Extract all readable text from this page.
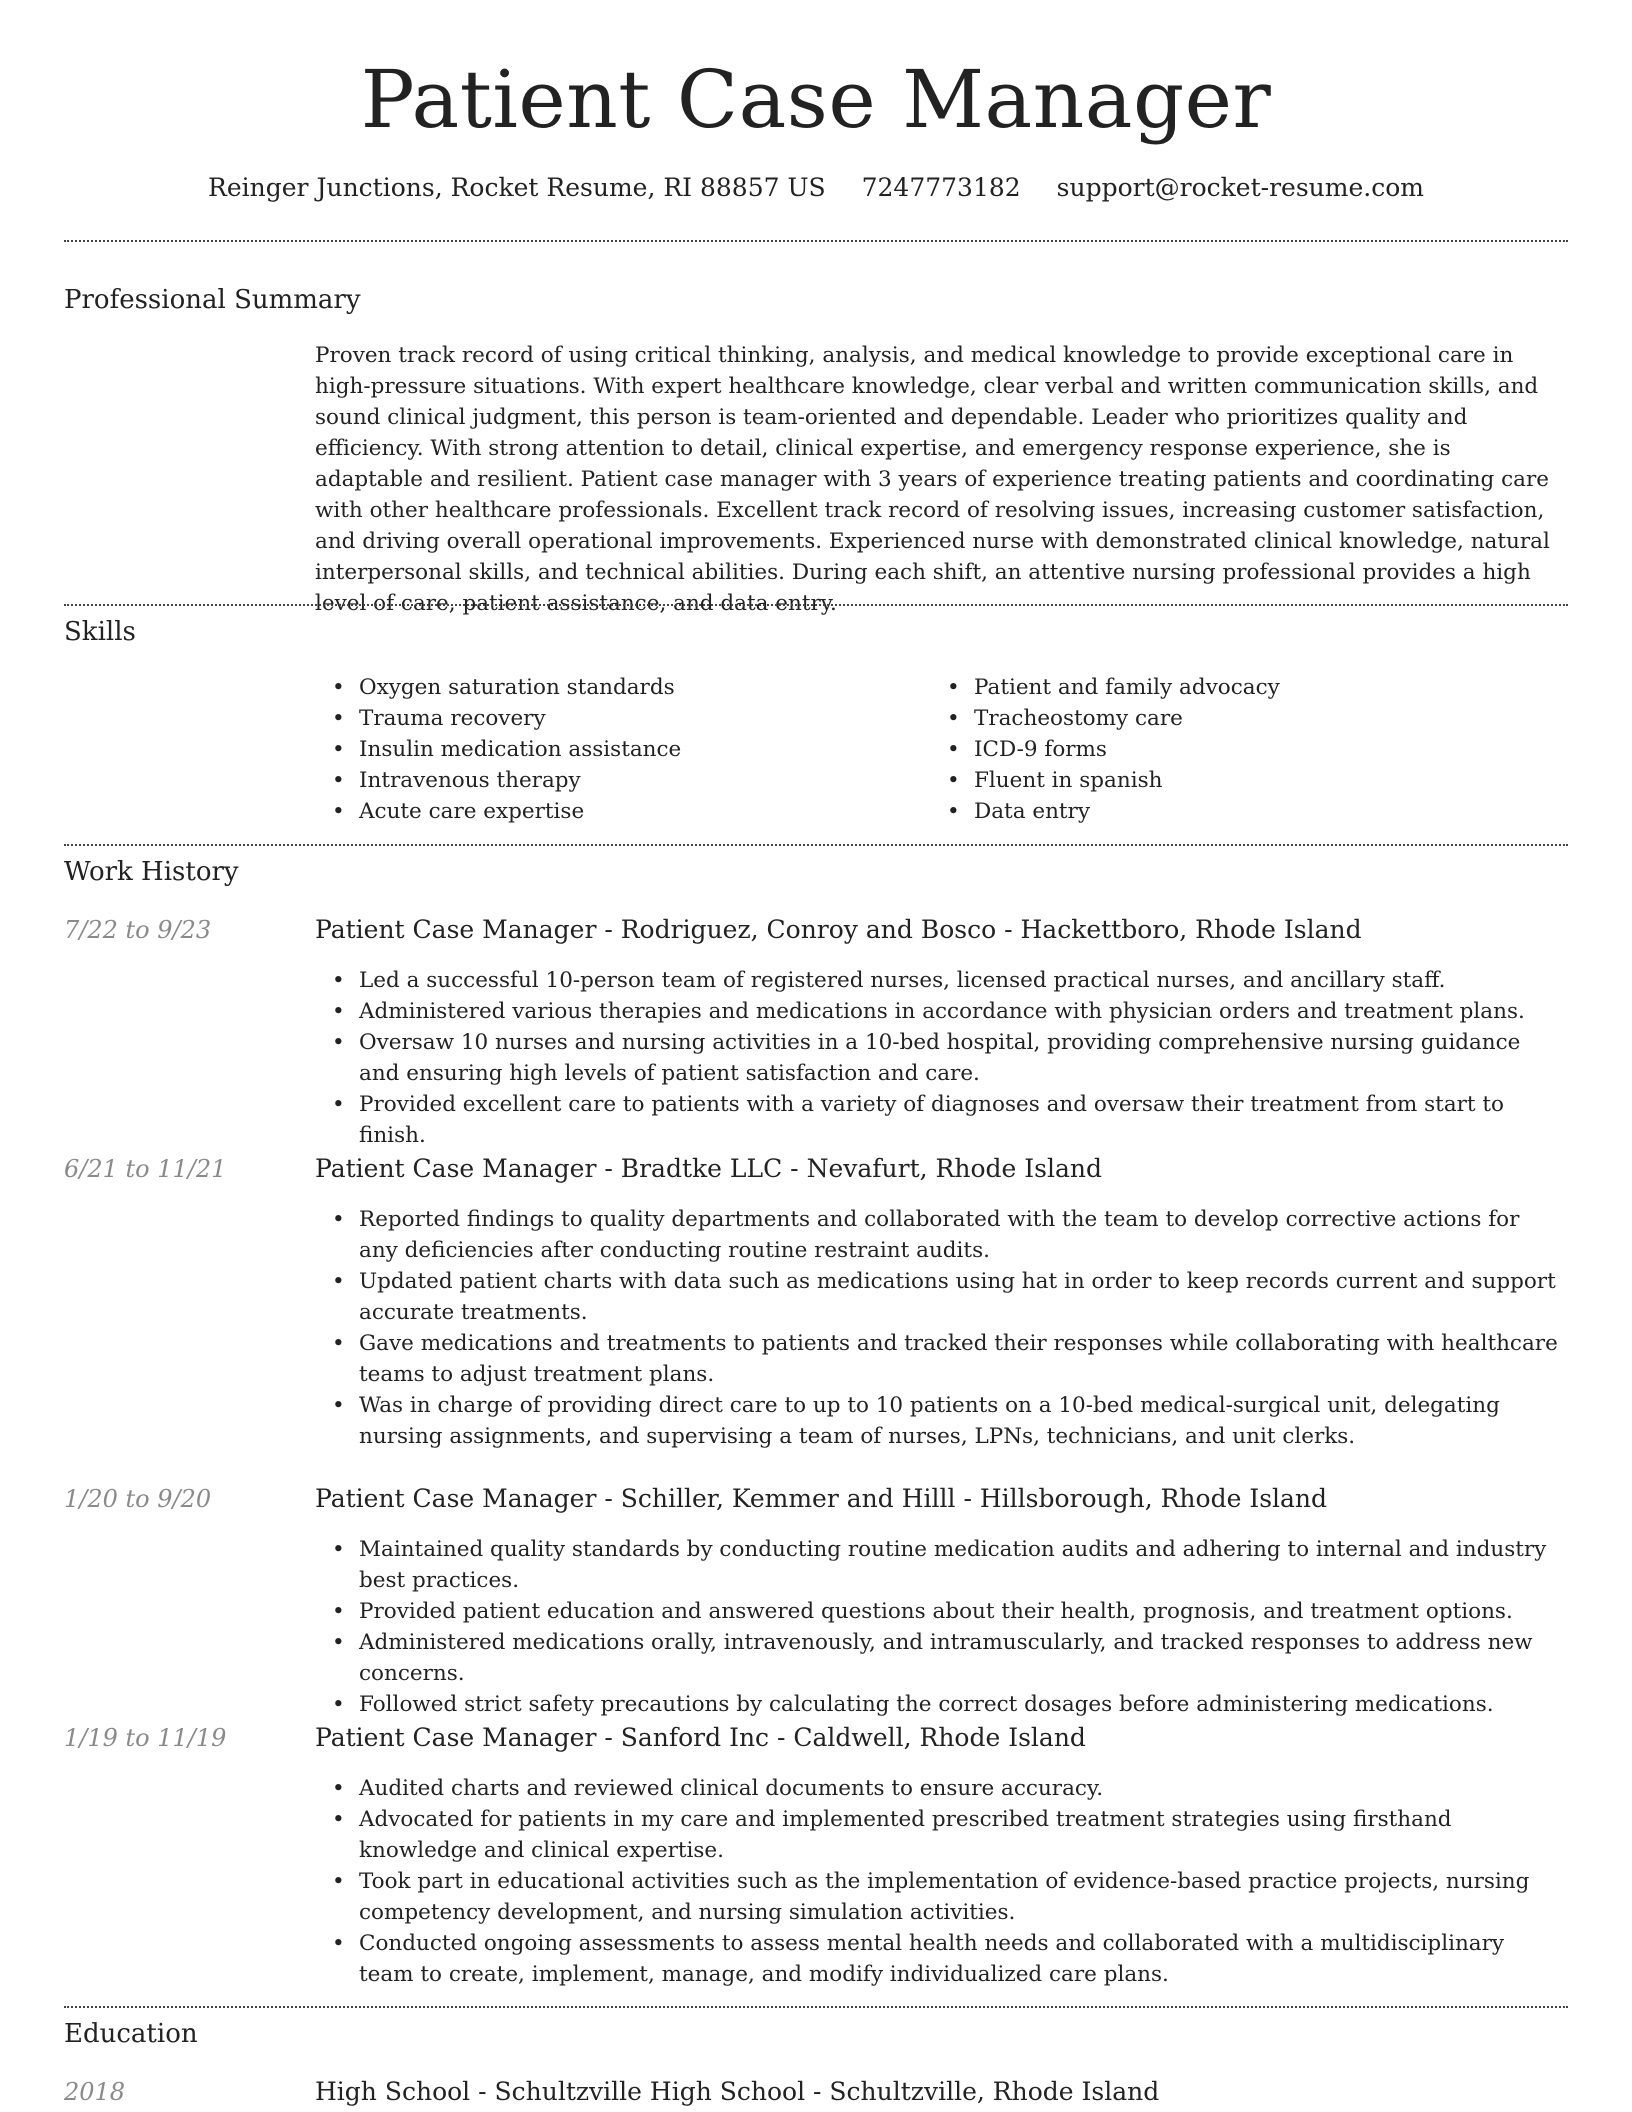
Patient Case Manager
Reinger Junctions, Rocket Resume, RI 88857 US 7247773182 support@rocket-resume.com
Professional Summary
Proven track record of using critical thinking, analysis, and medical knowledge to provide exceptional care in high-pressure situations. With expert healthcare knowledge, clear verbal and written communication skills, and sound clinical judgment, this person is team-oriented and dependable. Leader who prioritizes quality and efficiency. With strong attention to detail, clinical expertise, and emergency response experience, she is adaptable and resilient. Patient case manager with 3 years of experience treating patients and coordinating care with other healthcare professionals. Excellent track record of resolving issues, increasing customer satisfaction, and driving overall operational improvements. Experienced nurse with demonstrated clinical knowledge, natural interpersonal skills, and technical abilities. During each shift, an attentive nursing professional provides a high level of care, patient assistance, and data entry.
Skills
• Oxygen saturation standards
• Trauma recovery
• Insulin medication assistance
• Intravenous therapy
• Acute care expertise
• Patient and family advocacy
• Tracheostomy care
• ICD-9 forms
• Fluent in spanish
• Data entry
Work History
7/22 to 9/23	Patient Case Manager - Rodriguez, Conroy and Bosco - Hackettboro, Rhode Island
• Led a successful 10-person team of registered nurses, licensed practical nurses, and ancillary staff.
• Administered various therapies and medications in accordance with physician orders and treatment plans.
• Oversaw 10 nurses and nursing activities in a 10-bed hospital, providing comprehensive nursing guidance and ensuring high levels of patient satisfaction and care.
• Provided excellent care to patients with a variety of diagnoses and oversaw their treatment from start to finish.
6/21 to 11/21	Patient Case Manager - Bradtke LLC - Nevafurt, Rhode Island
• Reported findings to quality departments and collaborated with the team to develop corrective actions for any deficiencies after conducting routine restraint audits.
• Updated patient charts with data such as medications using hat in order to keep records current and support accurate treatments.
• Gave medications and treatments to patients and tracked their responses while collaborating with healthcare teams to adjust treatment plans.
• Was in charge of providing direct care to up to 10 patients on a 10-bed medical-surgical unit, delegating nursing assignments, and supervising a team of nurses, LPNs, technicians, and unit clerks.
1/20 to 9/20	Patient Case Manager - Schiller, Kemmer and Hilll - Hillsborough, Rhode Island
• Maintained quality standards by conducting routine medication audits and adhering to internal and industry best practices.
• Provided patient education and answered questions about their health, prognosis, and treatment options.
• Administered medications orally, intravenously, and intramuscularly, and tracked responses to address new concerns.
• Followed strict safety precautions by calculating the correct dosages before administering medications.
1/19 to 11/19	Patient Case Manager - Sanford Inc - Caldwell, Rhode Island
• Audited charts and reviewed clinical documents to ensure accuracy.
• Advocated for patients in my care and implemented prescribed treatment strategies using firsthand knowledge and clinical expertise.
• Took part in educational activities such as the implementation of evidence-based practice projects, nursing competency development, and nursing simulation activities.
• Conducted ongoing assessments to assess mental health needs and collaborated with a multidisciplinary team to create, implement, manage, and modify individualized care plans.
Education
2018	High School - Schultzville High School - Schultzville, Rhode Island
